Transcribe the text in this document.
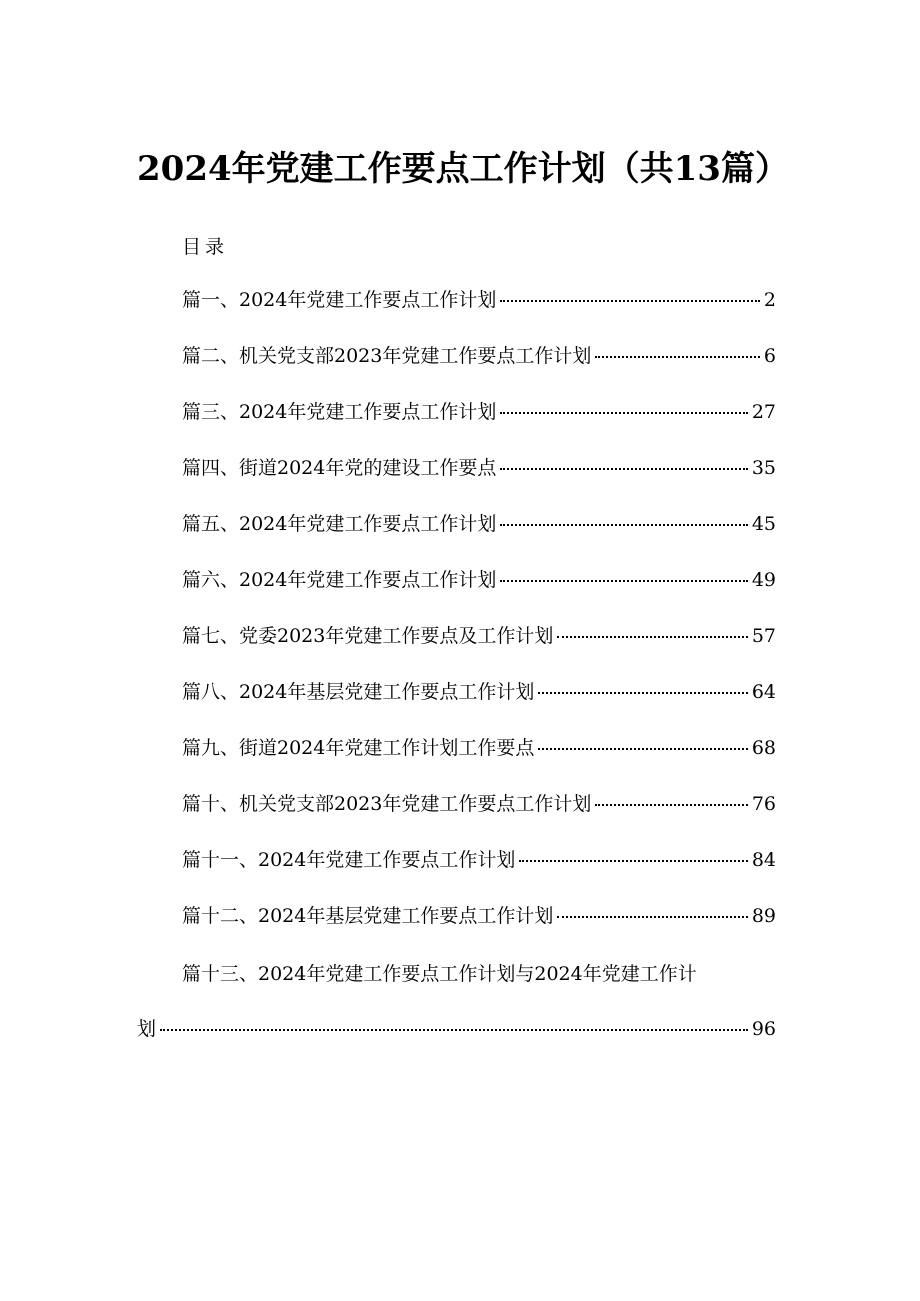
2024年党建工作要点工作计划（共13篇）
目录
篇一、2024年党建工作要点工作计划	2
篇二、机关党支部2023年党建工作要点工作计划	6
篇三、2024年党建工作要点工作计划	27
篇四、街道2024年党的建设工作要点	35
篇五、2024年党建工作要点工作计划	45
篇六、2024年党建工作要点工作计划	49
篇七、党委2023年党建工作要点及工作计划	57
篇八、2024年基层党建工作要点工作计划	64
篇九、街道2024年党建工作计划工作要点	68
篇十、机关党支部2023年党建工作要点工作计划	76
篇十一、2024年党建工作要点工作计划	84
篇十二、2024年基层党建工作要点工作计划	89
篇十三、2024年党建工作要点工作计划与2024年党建工作计
划	96
